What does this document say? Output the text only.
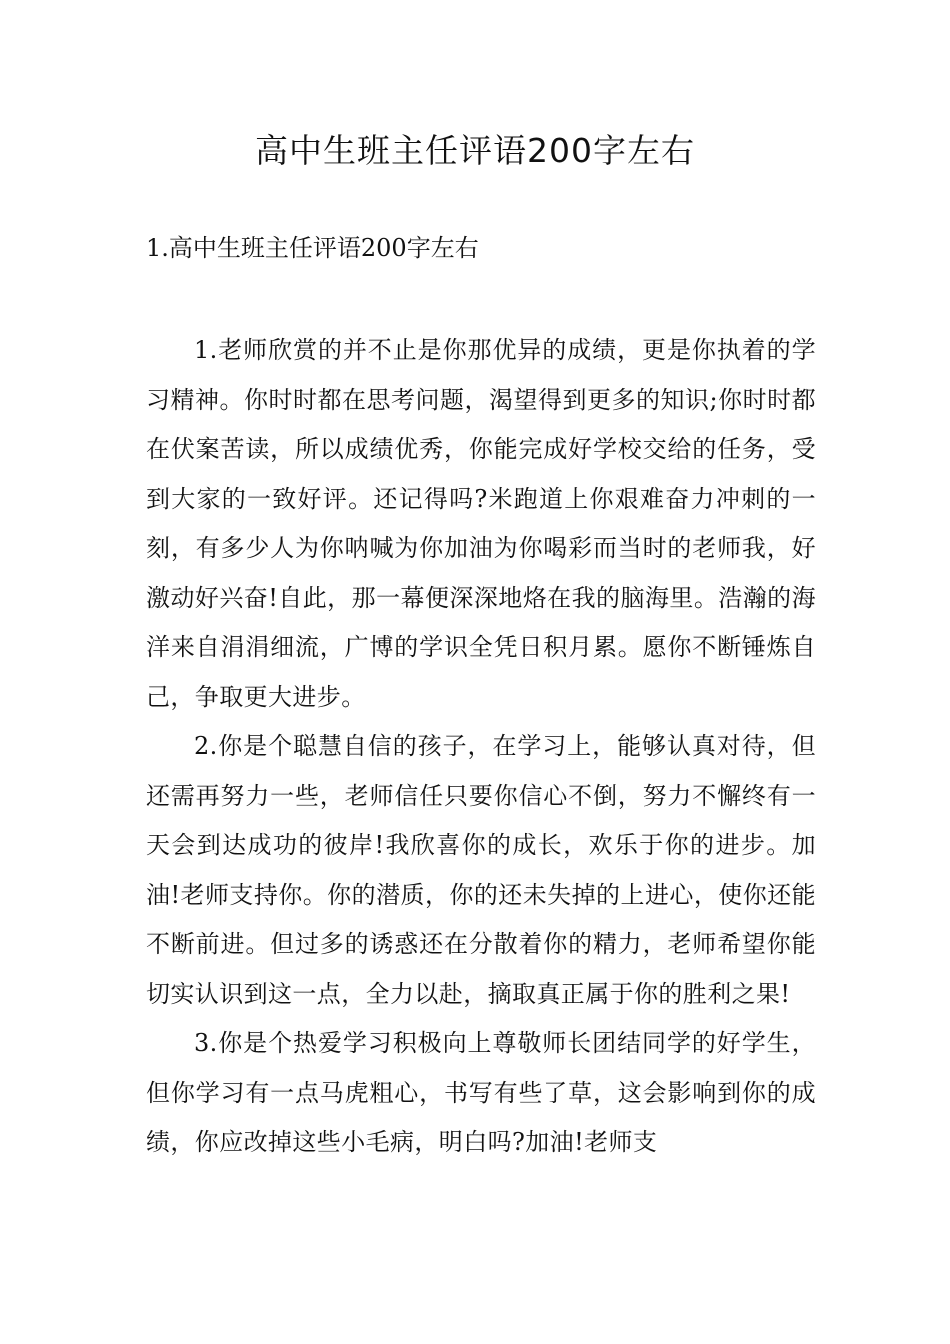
高中生班主任评语200字左右
1.高中生班主任评语200字左右

1.老师欣赏的并不止是你那优异的成绩，更是你执着的学习精神。你时时都在思考问题，渴望得到更多的知识;你时时都在伏案苦读，所以成绩优秀，你能完成好学校交给的任务，受到大家的一致好评。还记得吗?米跑道上你艰难奋力冲刺的一刻，有多少人为你呐喊为你加油为你喝彩而当时的老师我，好激动好兴奋!自此，那一幕便深深地烙在我的脑海里。浩瀚的海洋来自涓涓细流，广博的学识全凭日积月累。愿你不断锤炼自己，争取更大进步。

2.你是个聪慧自信的孩子，在学习上，能够认真对待，但还需再努力一些，老师信任只要你信心不倒，努力不懈终有一天会到达成功的彼岸!我欣喜你的成长，欢乐于你的进步。加油!老师支持你。你的潜质，你的还未失掉的上进心，使你还能不断前进。但过多的诱惑还在分散着你的精力，老师希望你能切实认识到这一点，全力以赴，摘取真正属于你的胜利之果!

3.你是个热爱学习积极向上尊敬师长团结同学的好学生，但你学习有一点马虎粗心，书写有些了草，这会影响到你的成绩，你应改掉这些小毛病，明白吗?加油!老师支
